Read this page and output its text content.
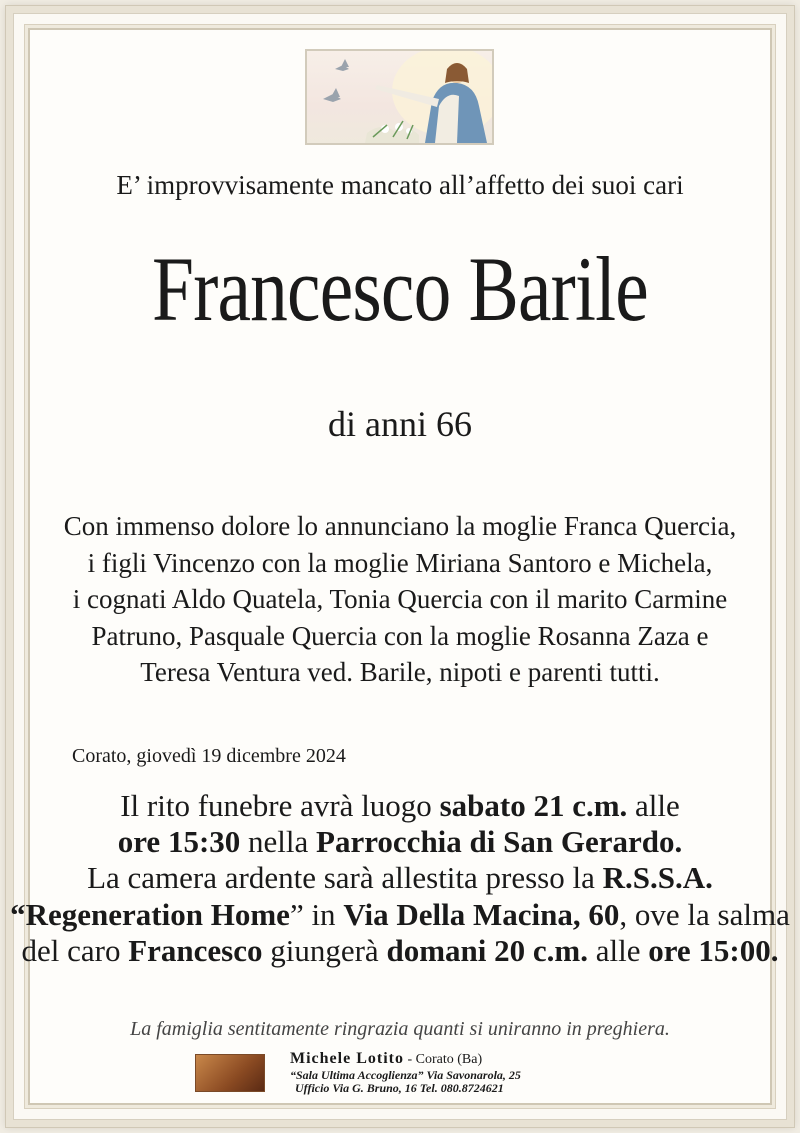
E’ improvvisamente mancato all’affetto dei suoi cari
Francesco Barile
di anni 66

Con immenso dolore lo annunciano la moglie Franca Quercia,

i figli Vincenzo con la moglie Miriana Santoro e Michela,

i cognati Aldo Quatela, Tonia Quercia con il marito Carmine

Patruno, Pasquale Quercia con la moglie Rosanna Zaza e

Teresa Ventura ved. Barile, nipoti e parenti tutti.

Corato, giovedì 19 dicembre 2024
Il rito funebre avrà luogo sabato 21 c.m. alle
ore 15:30 nella Parrocchia di San Gerardo.
La camera ardente sarà allestita presso la R.S.S.A.
“Regeneration Home” in Via Della Macina, 60, ove la salma
del caro Francesco giungerà domani 20 c.m. alle ore 15:00.
La famiglia sentitamente ringrazia quanti si uniranno in preghiera.
Michele Lotito - Corato (Ba)
“Sala Ultima Accoglienza” Via Savonarola, 25
Ufficio Via G. Bruno, 16 Tel. 080.8724621
